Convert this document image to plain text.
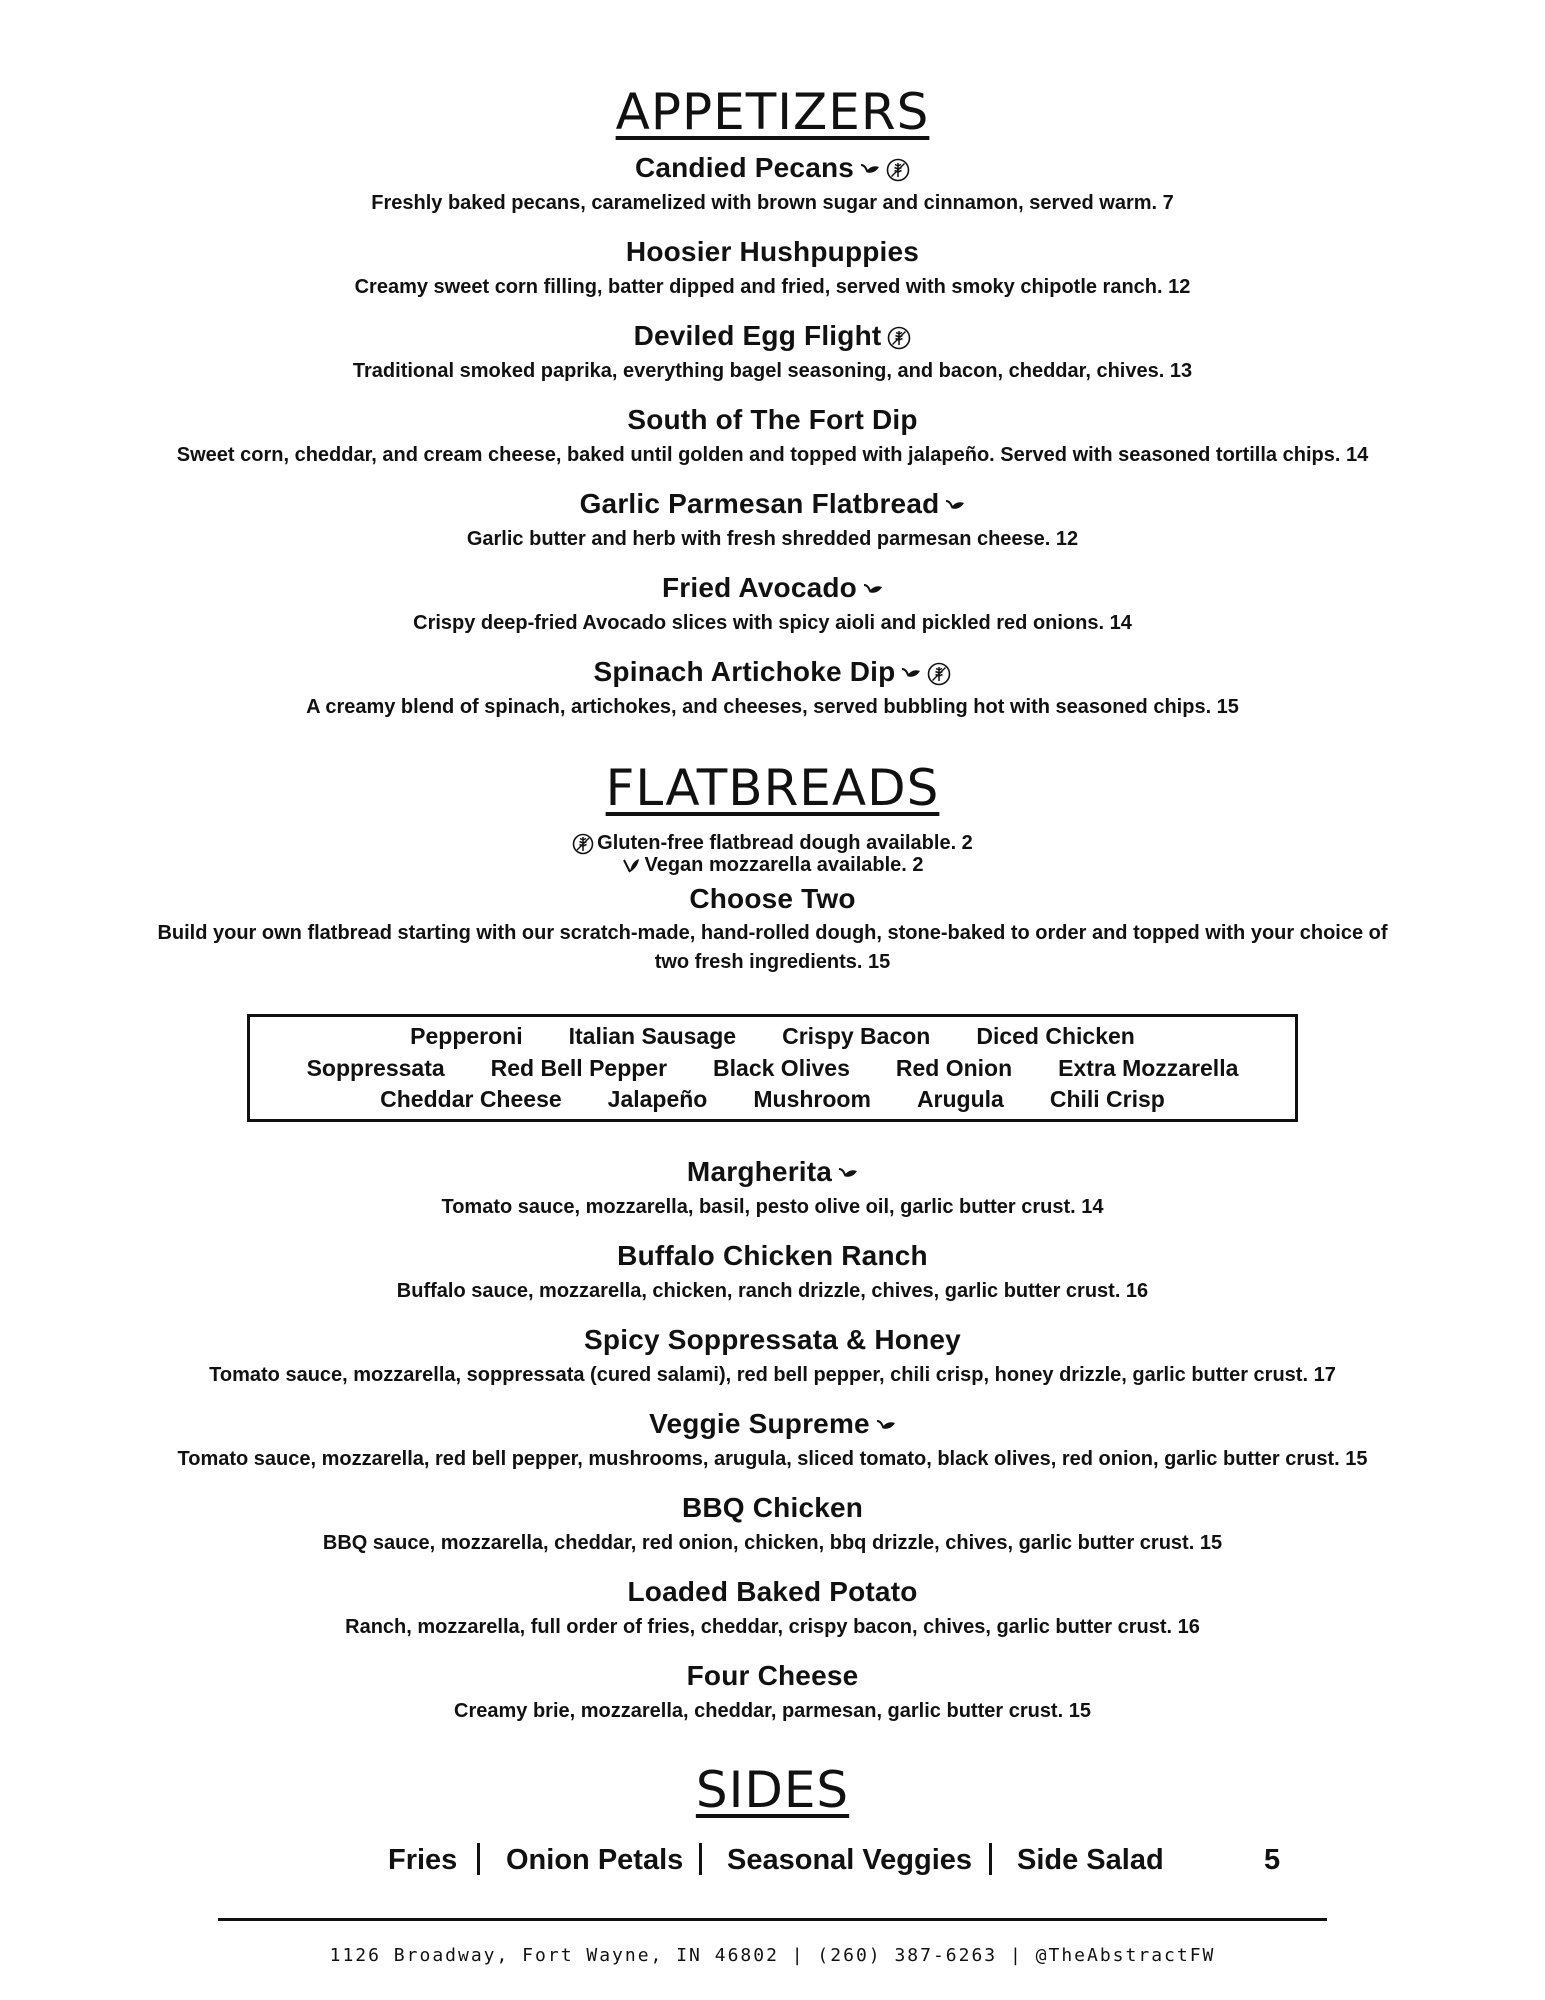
APPETIZERS
Candied Pecans
Freshly baked pecans, caramelized with brown sugar and cinnamon, served warm. 7
Hoosier Hushpuppies
Creamy sweet corn filling, batter dipped and fried, served with smoky chipotle ranch. 12
Deviled Egg Flight
Traditional smoked paprika, everything bagel seasoning, and bacon, cheddar, chives. 13
South of The Fort Dip
Sweet corn, cheddar, and cream cheese, baked until golden and topped with jalapeño. Served with seasoned tortilla chips. 14
Garlic Parmesan Flatbread
Garlic butter and herb with fresh shredded parmesan cheese. 12
Fried Avocado
Crispy deep-fried Avocado slices with spicy aioli and pickled red onions. 14
Spinach Artichoke Dip
A creamy blend of spinach, artichokes, and cheeses, served bubbling hot with seasoned chips. 15
FLATBREADS
Gluten-free flatbread dough available. 2
Vegan mozzarella available. 2
Choose Two
Build your own flatbread starting with our scratch-made, hand-rolled dough, stone-baked to order and topped with your choice of two fresh ingredients. 15
Pepperoni Italian Sausage Crispy Bacon Diced Chicken
Soppressata Red Bell Pepper Black Olives Red Onion Extra Mozzarella
Cheddar Cheese Jalapeño Mushroom Arugula Chili Crisp
Margherita
Tomato sauce, mozzarella, basil, pesto olive oil, garlic butter crust. 14
Buffalo Chicken Ranch
Buffalo sauce, mozzarella, chicken, ranch drizzle, chives, garlic butter crust. 16
Spicy Soppressata & Honey
Tomato sauce, mozzarella, soppressata (cured salami), red bell pepper, chili crisp, honey drizzle, garlic butter crust. 17
Veggie Supreme
Tomato sauce, mozzarella, red bell pepper, mushrooms, arugula, sliced tomato, black olives, red onion, garlic butter crust. 15
BBQ Chicken
BBQ sauce, mozzarella, cheddar, red onion, chicken, bbq drizzle, chives, garlic butter crust. 15
Loaded Baked Potato
Ranch, mozzarella, full order of fries, cheddar, crispy bacon, chives, garlic butter crust. 16
Four Cheese
Creamy brie, mozzarella, cheddar, parmesan, garlic butter crust. 15
SIDES
Fries Onion Petals Seasonal Veggies Side Salad	5
1126 Broadway, Fort Wayne, IN 46802 | (260) 387-6263 | @TheAbstractFW
